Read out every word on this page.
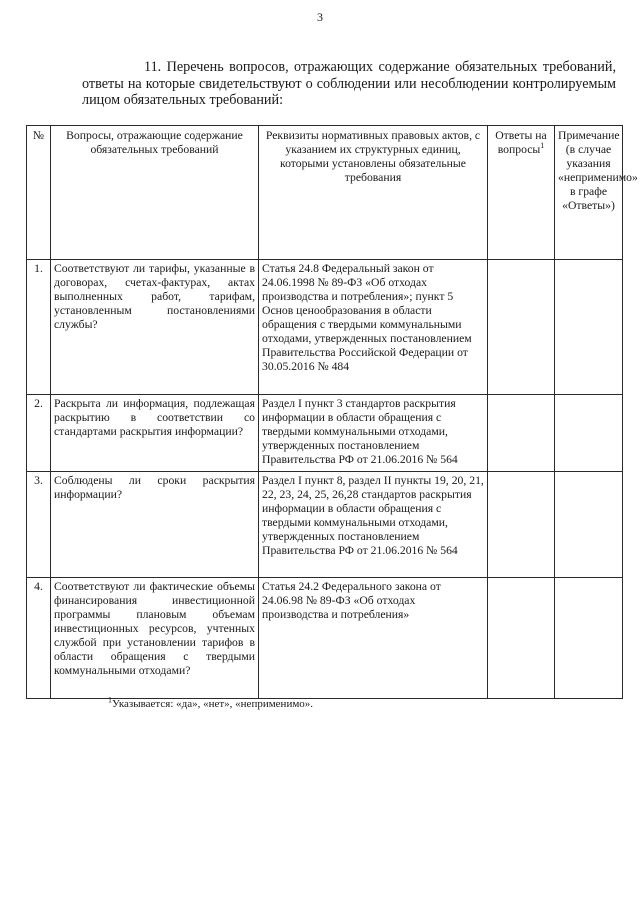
3
11. Перечень вопросов, отражающих содержание обязательных требований, ответы на которые свидетельствуют о соблюдении или несоблюдении контролируемым лицом обязательных требований:
№	Вопросы, отражающие содержание обязательных требований	Реквизиты нормативных правовых актов, с указанием их структурных единиц, которыми установлены обязательные требования	Ответы на вопросы$^1$	Примечание (в случае указания «неприменимо» в графе «Ответы»)
1.	Соответствуют ли тарифы, указанные в договорах, счетах-фактурах, актах выполненных работ, тарифам, установленным постановлениями службы?	Статья 24.8 Федеральный закон от 24.06.1998 № 89-ФЗ «Об отходах производства и потребления»; пункт 5 Основ ценообразования в области обращения с твердыми коммунальными отходами, утвержденных постановлением Правительства Российской Федерации от 30.05.2016 № 484		
2.	Раскрыта ли информация, подлежащая раскрытию в соответствии со стандартами раскрытия информации?	Раздел I пункт 3 стандартов раскрытия информации в области обращения с твердыми коммунальными отходами, утвержденных постановлением Правительства РФ от 21.06.2016 № 564		
3.	Соблюдены ли сроки раскрытия информации?	Раздел I пункт 8, раздел II пункты 19, 20, 21, 22, 23, 24, 25, 26,28 стандартов раскрытия информации в области обращения с твердыми коммунальными отходами, утвержденных постановлением Правительства РФ от 21.06.2016 № 564		
4.	Соответствуют ли фактические объемы финансирования инвестиционной программы плановым объемам инвестиционных ресурсов, учтенных службой при установлении тарифов в области обращения с твердыми коммунальными отходами?	Статья 24.2 Федерального закона от 24.06.98 № 89-ФЗ «Об отходах производства и потребления»		
$^1$Указывается: «да», «нет», «неприменимо».
